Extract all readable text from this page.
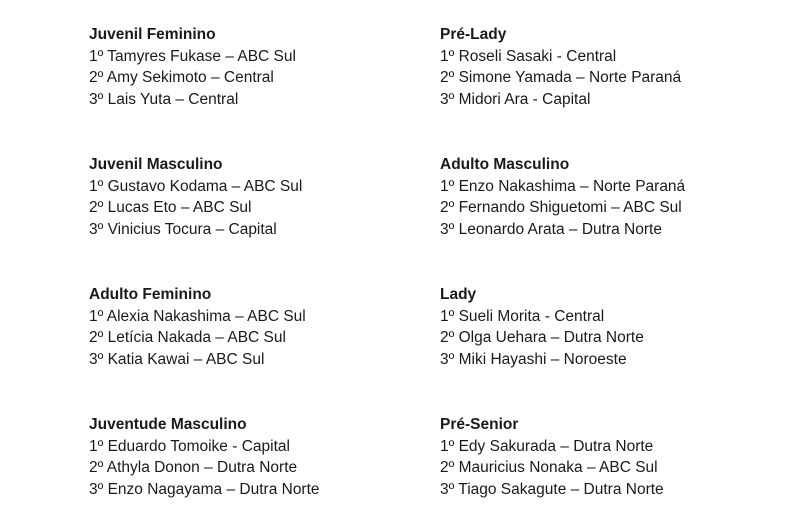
Juvenil Feminino
1º Tamyres Fukase – ABC Sul
2º Amy Sekimoto – Central
3º Lais Yuta – Central
Pré-Lady
1º Roseli Sasaki - Central
2º Simone Yamada – Norte Paraná
3º Midori Ara - Capital
Juvenil Masculino
1º Gustavo Kodama – ABC Sul
2º Lucas Eto – ABC Sul
3º Vinicius Tocura – Capital
Adulto Masculino
1º Enzo Nakashima – Norte Paraná
2º Fernando Shiguetomi – ABC Sul
3º Leonardo Arata – Dutra Norte
Adulto Feminino
1º Alexia Nakashima – ABC Sul
2º Letícia Nakada – ABC Sul
3º Katia Kawai – ABC Sul
Lady
1º Sueli Morita - Central
2º Olga Uehara – Dutra Norte
3º Miki Hayashi – Noroeste
Juventude Masculino
1º Eduardo Tomoike - Capital
2º Athyla Donon – Dutra Norte
3º Enzo Nagayama – Dutra Norte
Pré-Senior
1º Edy Sakurada – Dutra Norte
2º Mauricius Nonaka – ABC Sul
3º Tiago Sakagute – Dutra Norte
